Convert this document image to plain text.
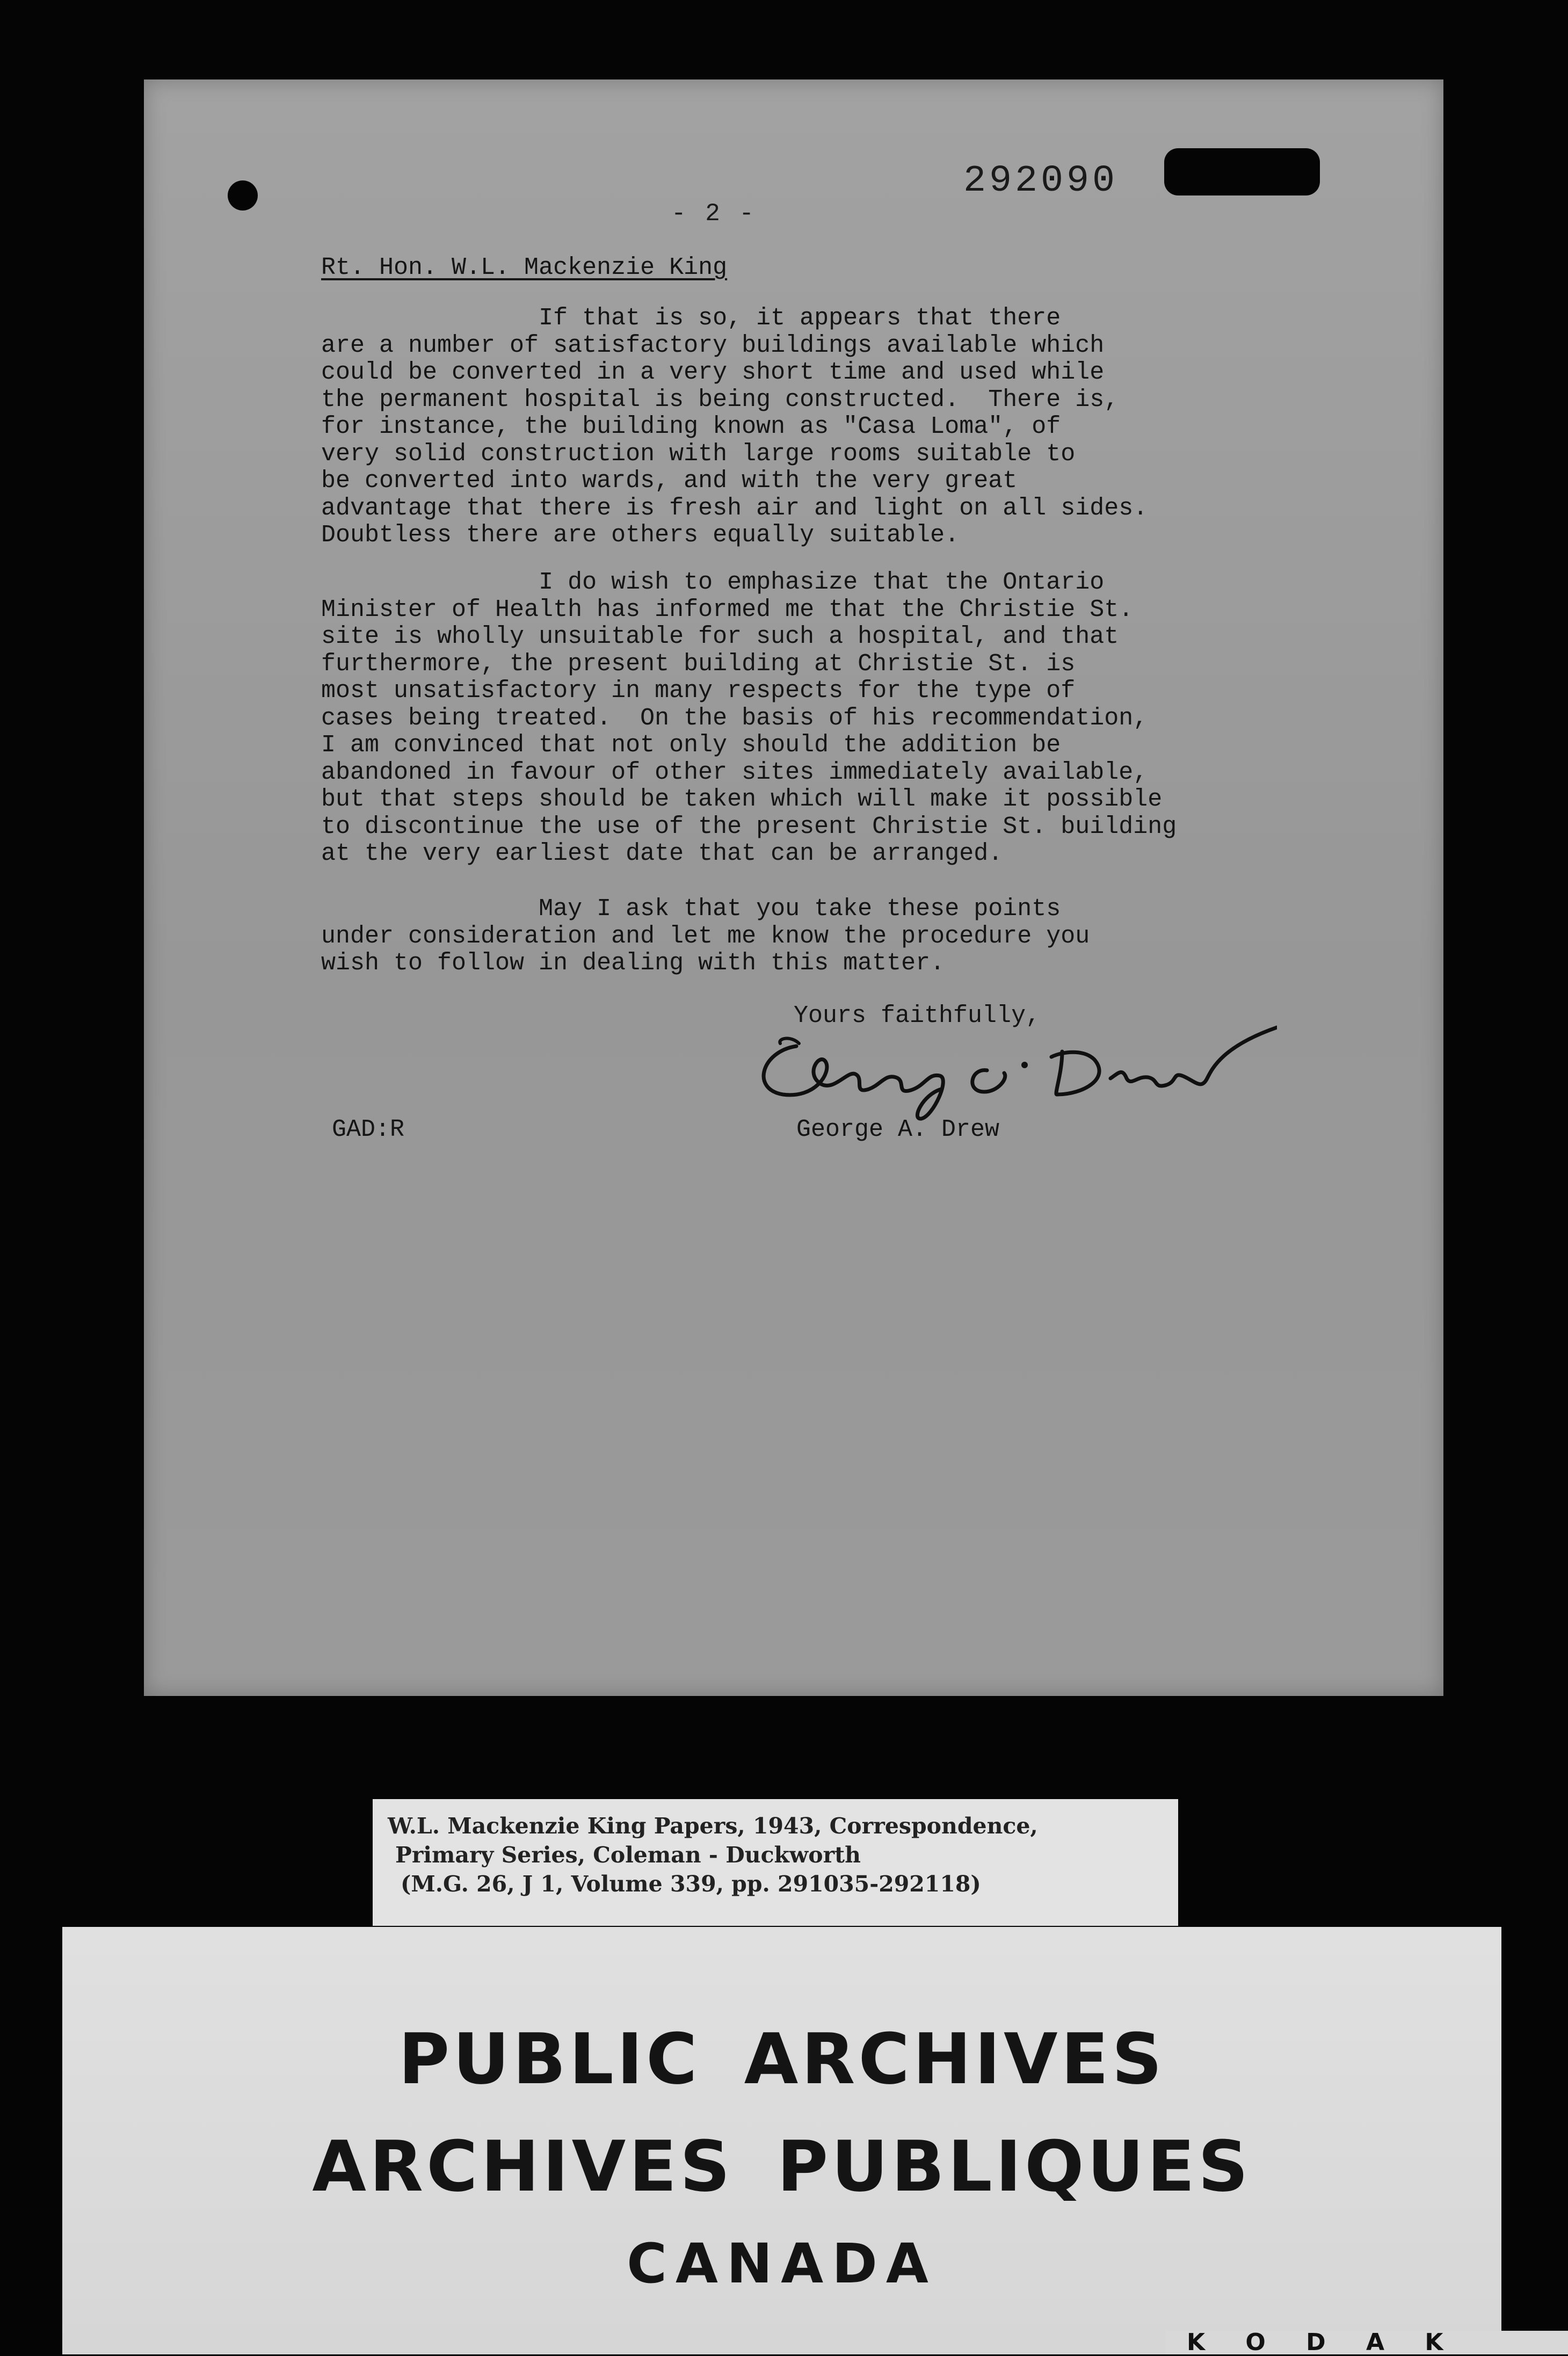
292090
- 2 -
Rt. Hon. W.L. Mackenzie King

If that is so, it appears that there
are a number of satisfactory buildings available which
could be converted in a very short time and used while
the permanent hospital is being constructed.  There is,
for instance, the building known as "Casa Loma", of
very solid construction with large rooms suitable to
be converted into wards, and with the very great
advantage that there is fresh air and light on all sides.
Doubtless there are others equally suitable.

I do wish to emphasize that the Ontario
Minister of Health has informed me that the Christie St.
site is wholly unsuitable for such a hospital, and that
furthermore, the present building at Christie St. is
most unsatisfactory in many respects for the type of
cases being treated.  On the basis of his recommendation,
I am convinced that not only should the addition be
abandoned in favour of other sites immediately available,
but that steps should be taken which will make it possible
to discontinue the use of the present Christie St. building
at the very earliest date that can be arranged.

May I ask that you take these points
under consideration and let me know the procedure you
wish to follow in dealing with this matter.

Yours faithfully,
GAD:R	George A. Drew
W.L. Mackenzie King Papers, 1943, Correspondence,
Primary Series, Coleman - Duckworth
(M.G. 26, J 1, Volume 339, pp. 291035-292118)
PUBLIC ARCHIVES
ARCHIVES PUBLIQUES
CANADA
K O D A K
